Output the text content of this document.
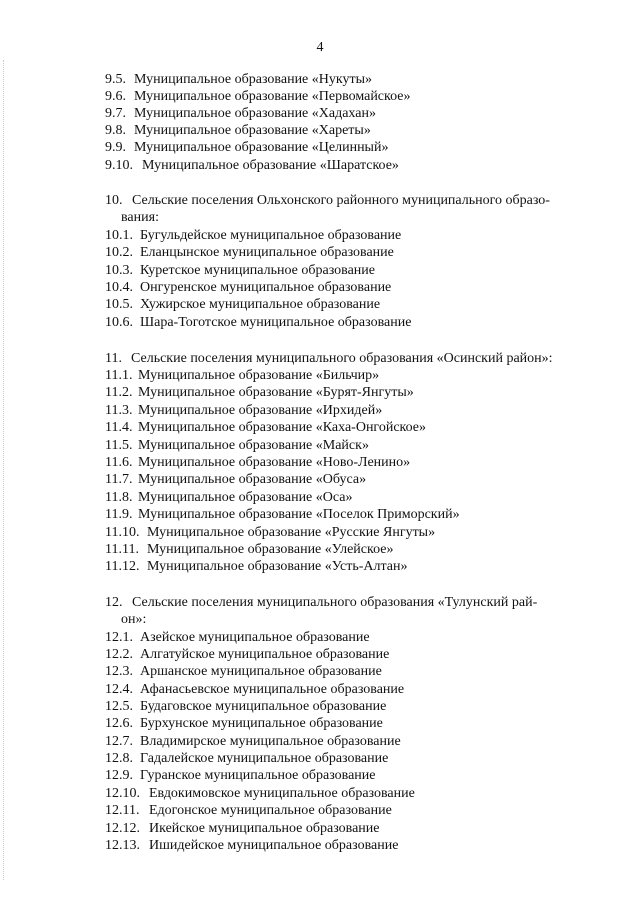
4
9.5. Муниципальное образование «Нукуты»
9.6. Муниципальное образование «Первомайское»
9.7. Муниципальное образование «Хадахан»
9.8. Муниципальное образование «Хареты»
9.9. Муниципальное образование «Целинный»
9.10. Муниципальное образование «Шаратское»
10. Сельские поселения Ольхонского районного муниципального образо-
вания:
10.1. Бугульдейское муниципальное образование
10.2. Еланцынское муниципальное образование
10.3. Куретское муниципальное образование
10.4. Онгуренское муниципальное образование
10.5. Хужирское муниципальное образование
10.6. Шара-Тоготское муниципальное образование
11. Сельские поселения муниципального образования «Осинский район»:
11.1. Муниципальное образование «Бильчир»
11.2. Муниципальное образование «Бурят-Янгуты»
11.3. Муниципальное образование «Ирхидей»
11.4. Муниципальное образование «Каха-Онгойское»
11.5. Муниципальное образование «Майск»
11.6. Муниципальное образование «Ново-Ленино»
11.7. Муниципальное образование «Обуса»
11.8. Муниципальное образование «Оса»
11.9. Муниципальное образование «Поселок Приморский»
11.10. Муниципальное образование «Русские Янгуты»
11.11. Муниципальное образование «Улейское»
11.12. Муниципальное образование «Усть-Алтан»
12. Сельские поселения муниципального образования «Тулунский рай-
он»:
12.1. Азейское муниципальное образование
12.2. Алгатуйское муниципальное образование
12.3. Аршанское муниципальное образование
12.4. Афанасьевское муниципальное образование
12.5. Будаговское муниципальное образование
12.6. Бурхунское муниципальное образование
12.7. Владимирское муниципальное образование
12.8. Гадалейское муниципальное образование
12.9. Гуранское муниципальное образование
12.10. Евдокимовское муниципальное образование
12.11. Едогонское муниципальное образование
12.12. Икейское муниципальное образование
12.13. Ишидейское муниципальное образование
